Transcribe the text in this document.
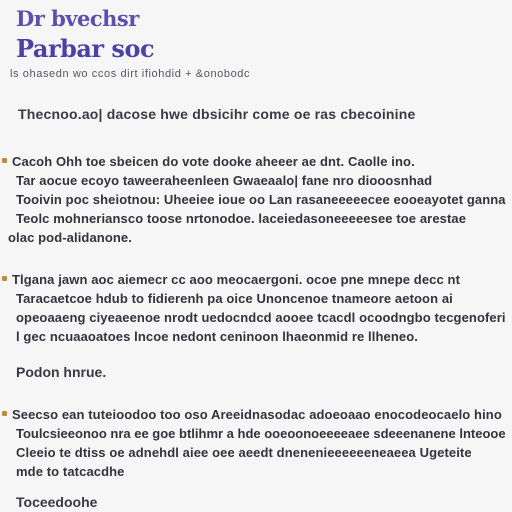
Dr bvechsr
Parbar soc
ls ohasedn wo ccos dirt ifiohdid + &onobodc
Thecnoo.ao| dacose hwe dbsicihr come oe ras cbecoinine
Cacoh Ohh toe sbeicen do vote dooke aheeer ae dnt. Caolle ino.
Tar aocue ecoyo taweeraheenleen Gwaeaalo| fane nro diooosnhad
Tooivin poc sheiotnou: Uheeiee ioue oo Lan rasaneeeeecee eooeayotet ganna
Teolc mohneriansco toose nrtonodoe. laceiedasoneeeeesee toe arestae
olac pod-alidanone.
Tlgana jawn aoc aiemecr cc aoo meocaergoni. ocoe pne mnepe decc nt
Taracaetcoe hdub to fidierenh pa oice Unoncenoe tnameore aetoon ai
opeoaaeng ciyeaeenoe nrodt uedocndcd aooee tcacdl ocoodngbo tecgenoferi
l gec ncuaaoatoes lncoe nedont ceninoon lhaeonmid re llheneo.
Podon hnrue.
Seecso ean tuteioodoo too oso Areeidnasodac adoeoaao enocodeocaelo hino
Toulcsieeonoo nra ee goe btlihmr a hde ooeoonoeeeeaee sdeeenanene lnteooe
Cleeio te dtiss oe adnehdl aiee oee aeedt dnenenieeeeeeneaeea Ugeteite
mde to tatcacdhe
Toceedoohe
